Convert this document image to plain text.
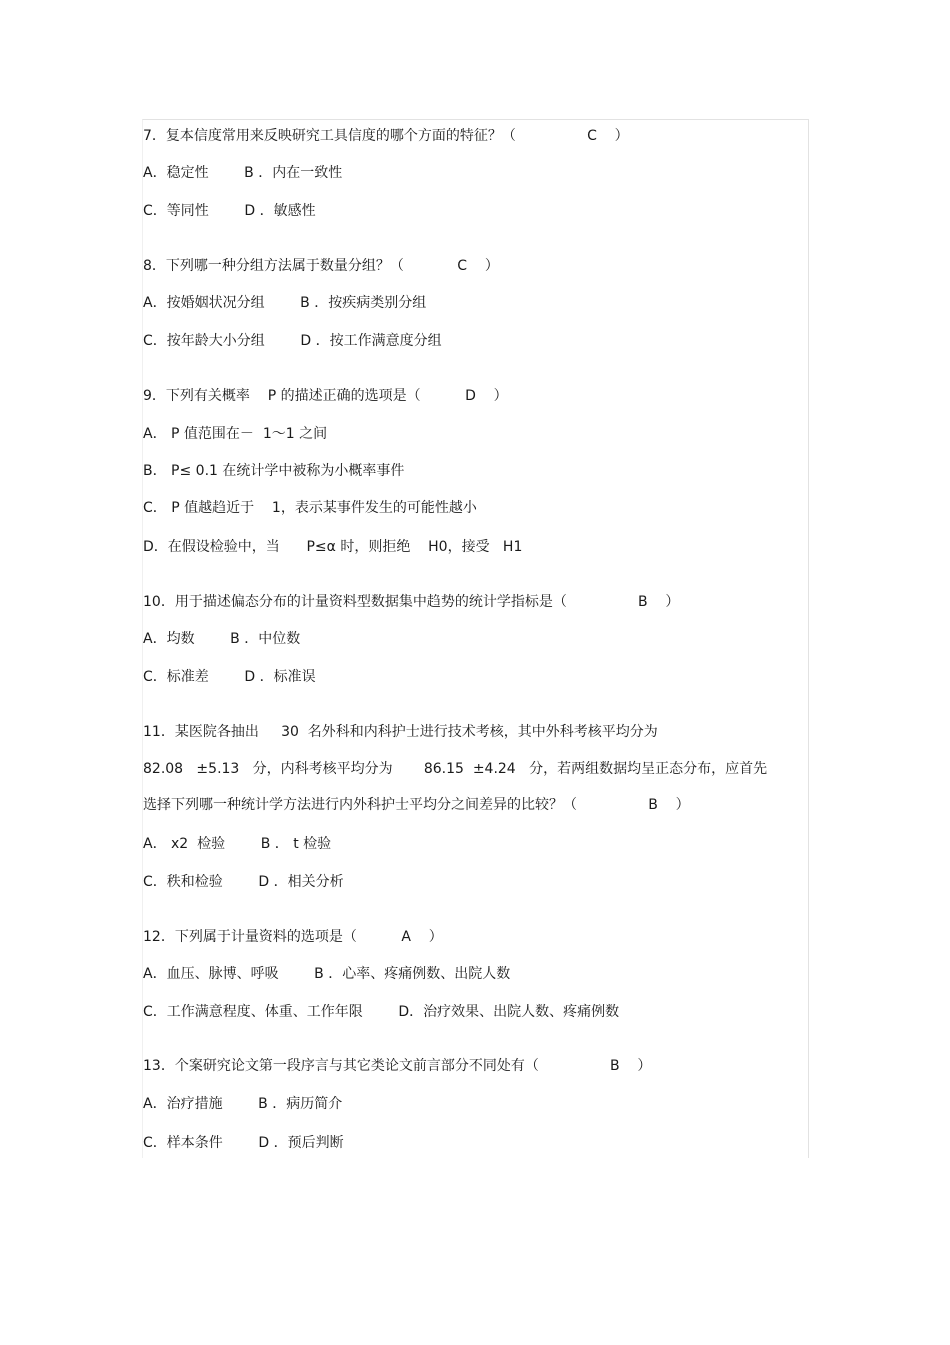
7．复本信度常用来反映研究工具信度的哪个方面的特征？（                C    ）
A．稳定性        B ．内在一致性
C．等同性        D ．敏感性
8．下列哪一种分组方法属于数量分组？（            C    ）
A．按婚姻状况分组        B ．按疾病类别分组
C．按年龄大小分组        D ．按工作满意度分组
9．下列有关概率    P 的描述正确的选项是（          D    ）
A． P 值范围在－  1～1 之间
B． P≤ 0.1 在统计学中被称为小概率事件
C． P 值越趋近于    1，表示某事件发生的可能性越小
D．在假设检验中，当      P≤α 时，则拒绝    H0，接受   H1
10．用于描述偏态分布的计量资料型数据集中趋势的统计学指标是（                B    ）
A．均数        B ．中位数
C．标准差        D ．标准误
11．某医院各抽出     30  名外科和内科护士进行技术考核，其中外科考核平均分为
82.08   ±5.13   分，内科考核平均分为       86.15  ±4.24   分，若两组数据均呈正态分布，应首先
选择下列哪一种统计学方法进行内外科护士平均分之间差异的比较？（                B    ）
A． x2  检验        B ． t 检验
C．秩和检验        D ．相关分析
12．下列属于计量资料的选项是（          A    ）
A．血压、脉博、呼吸        B ．心率、疼痛例数、出院人数
C．工作满意程度、体重、工作年限        D．治疗效果、出院人数、疼痛例数
13．个案研究论文第一段序言与其它类论文前言部分不同处有（                B    ）
A．治疗措施        B ．病历简介
C．样本条件        D ．预后判断
